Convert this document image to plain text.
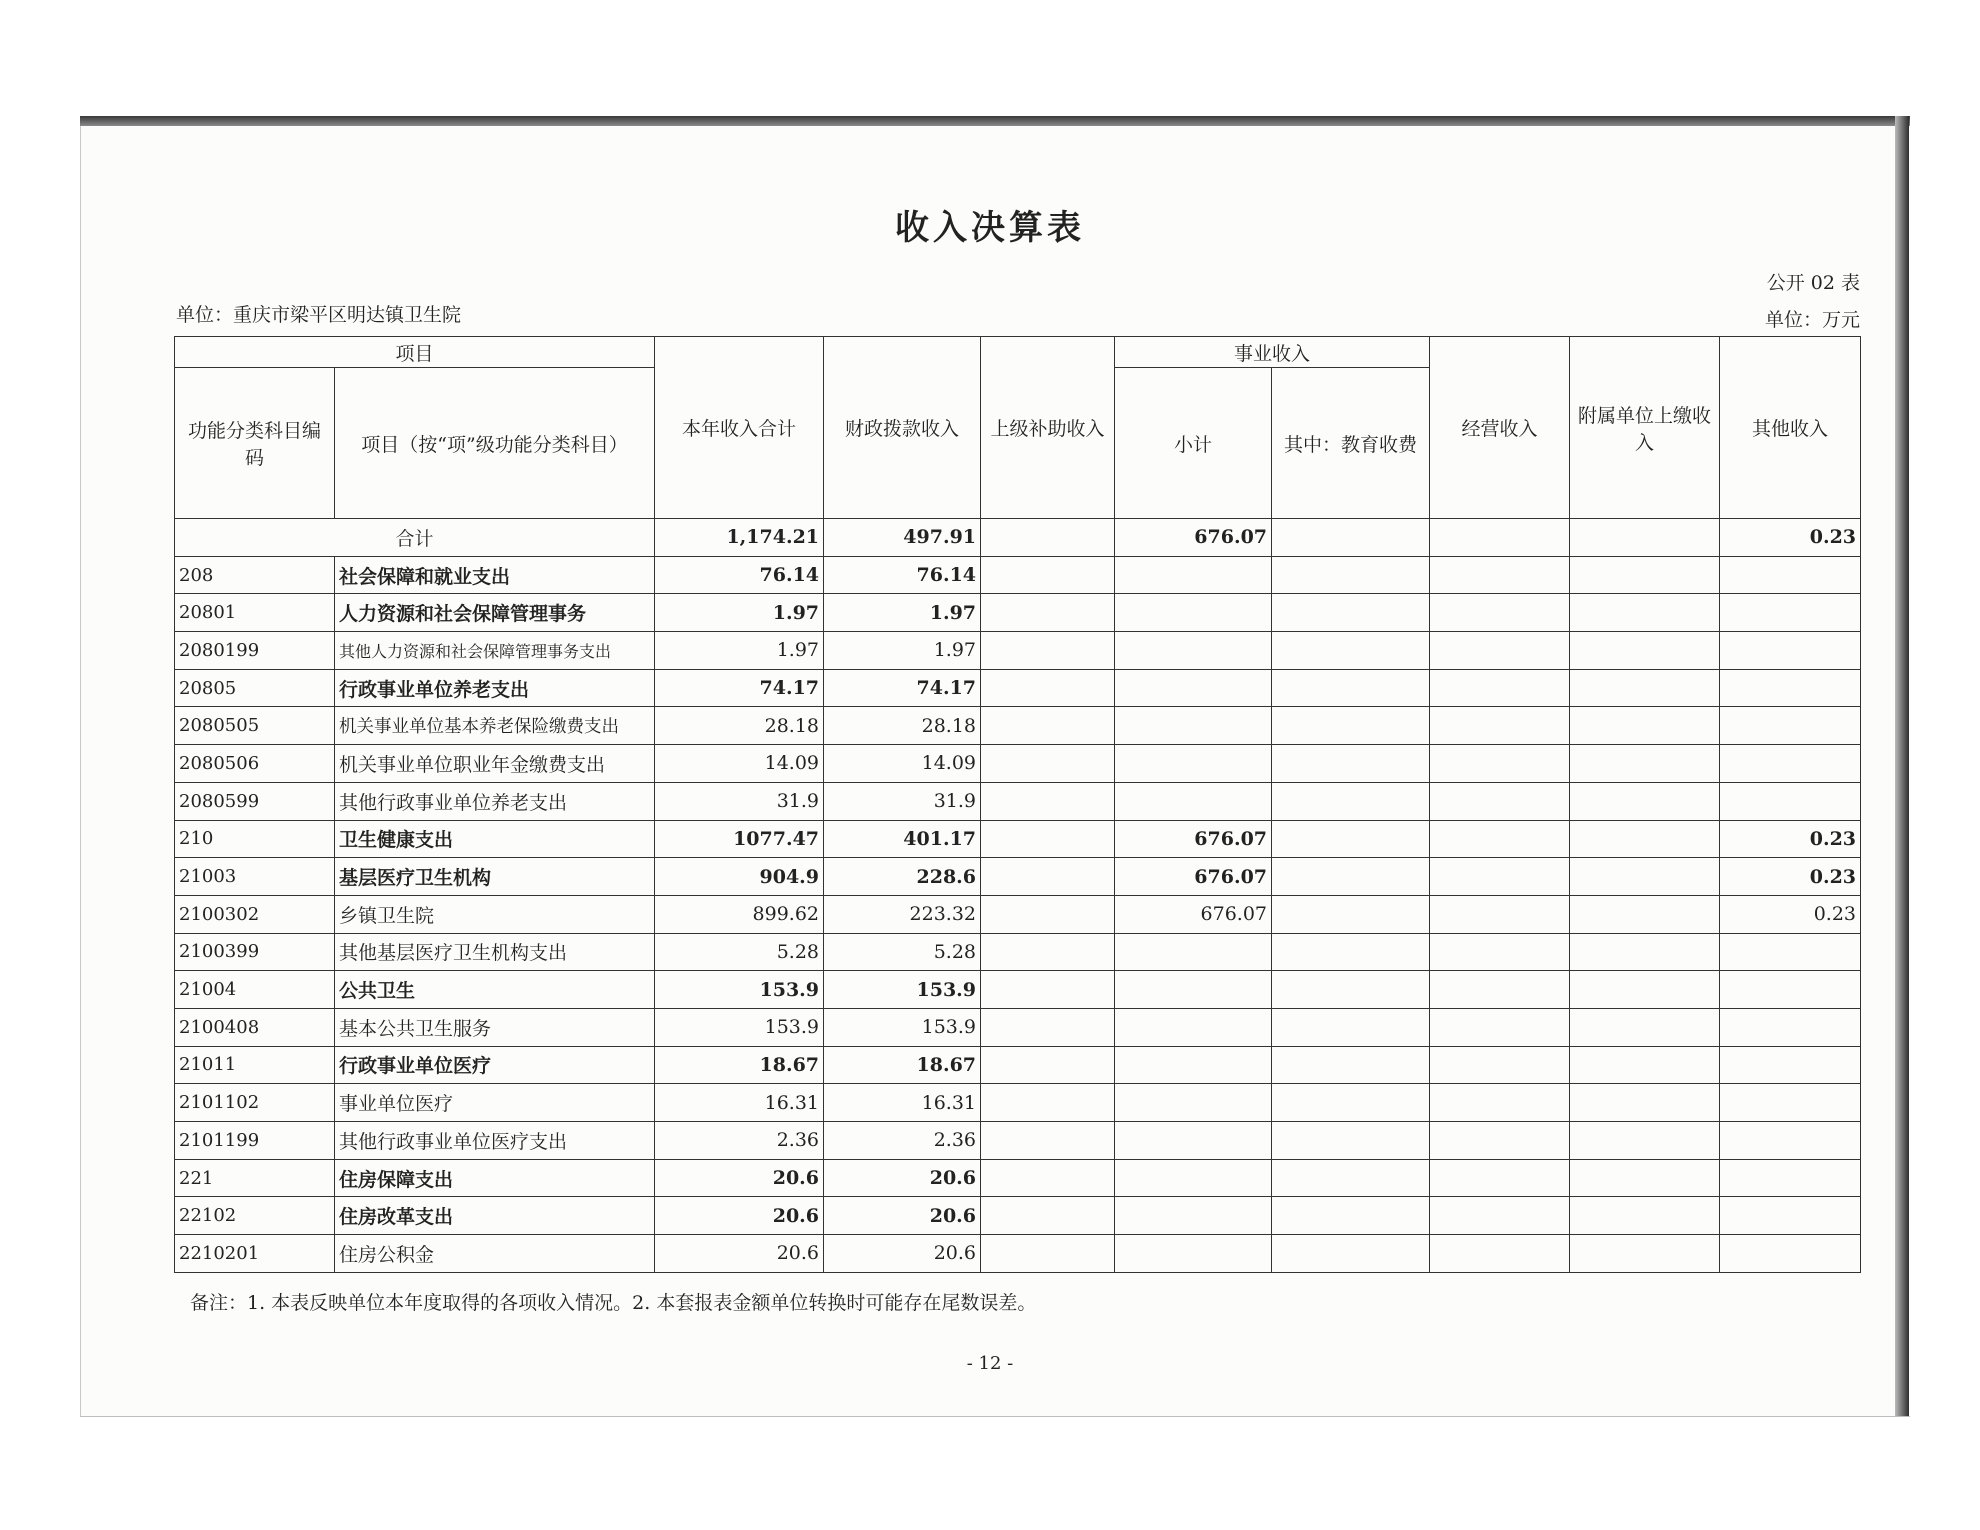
收入决算表
公开 02 表
单位：重庆市梁平区明达镇卫生院	单位：万元
项目		本年收入合计	财政拨款收入	上级补助收入	事业收入		经营收入	附属单位上缴收入	其他收入
功能分类科目编码	项目（按“项”级功能分类科目）				小计	其中：教育收费			
合计		1,174.21	497.91		676.07				0.23
208	社会保障和就业支出	76.14	76.14						
20801	人力资源和社会保障管理事务	1.97	1.97						
2080199	其他人力资源和社会保障管理事务支出	1.97	1.97						
20805	行政事业单位养老支出	74.17	74.17						
2080505	机关事业单位基本养老保险缴费支出	28.18	28.18						
2080506	机关事业单位职业年金缴费支出	14.09	14.09						
2080599	其他行政事业单位养老支出	31.9	31.9						
210	卫生健康支出	1077.47	401.17		676.07				0.23
21003	基层医疗卫生机构	904.9	228.6		676.07				0.23
2100302	乡镇卫生院	899.62	223.32		676.07				0.23
2100399	其他基层医疗卫生机构支出	5.28	5.28						
21004	公共卫生	153.9	153.9						
2100408	基本公共卫生服务	153.9	153.9						
21011	行政事业单位医疗	18.67	18.67						
2101102	事业单位医疗	16.31	16.31						
2101199	其他行政事业单位医疗支出	2.36	2.36						
221	住房保障支出	20.6	20.6						
22102	住房改革支出	20.6	20.6						
2210201	住房公积金	20.6	20.6						
备注：1. 本表反映单位本年度取得的各项收入情况。2. 本套报表金额单位转换时可能存在尾数误差。
- 12 -
